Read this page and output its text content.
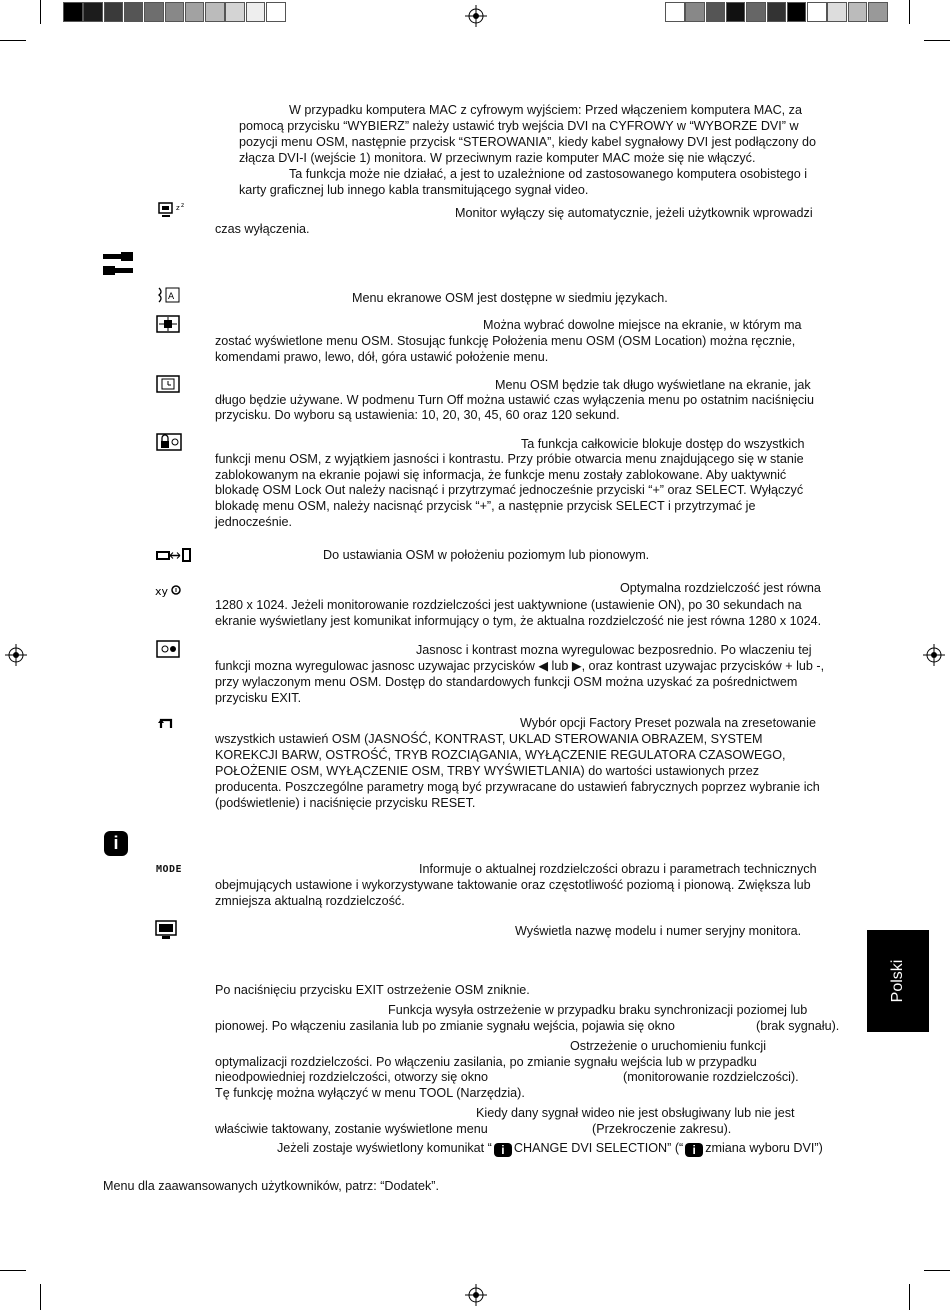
Polski
W przypadku komputera MAC z cyfrowym wyjściem: Przed włączeniem komputera MAC, za
pomocą przycisku “WYBIERZ” należy ustawić tryb wejścia DVI na CYFROWY w “WYBORZE DVI” w
pozycji menu OSM, następnie przycisk “STEROWANIA”, kiedy kabel sygnałowy DVI jest podłączony do
złącza DVI-I (wejście 1) monitora. W przeciwnym razie komputer MAC może się nie włączyć.
Ta funkcja może nie działać, a jest to uzależnione od zastosowanego komputera osobistego i
karty graficznej lub innego kabla transmitującego sygnał video.
z z
Monitor wyłączy się automatycznie, jeżeli użytkownik wprowadzi
czas wyłączenia.
A	Menu ekranowe OSM jest dostępne w siedmiu językach.
Można wybrać dowolne miejsce na ekranie, w którym ma
zostać wyświetlone menu OSM. Stosując funkcję Położenia menu OSM (OSM Location) można ręcznie,
komendami prawo, lewo, dół, góra ustawić położenie menu.
Menu OSM będzie tak długo wyświetlane na ekranie, jak
długo będzie używane. W podmenu Turn Off można ustawić czas wyłączenia menu po ostatnim naciśnięciu
przycisku. Do wyboru są ustawienia: 10, 20, 30, 45, 60 oraz 120 sekund.
Ta funkcja całkowicie blokuje dostęp do wszystkich
funkcji menu OSM, z wyjątkiem jasności i kontrastu. Przy próbie otwarcia menu znajdującego się w stanie
zablokowanym na ekranie pojawi się informacja, że funkcje menu zostały zablokowane. Aby uaktywnić
blokadę OSM Lock Out należy nacisnąć i przytrzymać jednocześnie przyciski “+” oraz SELECT. Wyłączyć
blokadę menu OSM, należy nacisnąć przycisk “+”, a następnie przycisk SELECT i przytrzymać je
jednocześnie.
Do ustawiania OSM w położeniu poziomym lub pionowym.
xy	Optymalna rozdzielczość jest równa
1280 x 1024. Jeżeli monitorowanie rozdzielczości jest uaktywnione (ustawienie ON), po 30 sekundach na
ekranie wyświetlany jest komunikat informujący o tym, że aktualna rozdzielczość nie jest równa 1280 x 1024.
Jasnosc i kontrast mozna wyregulowac bezposrednio. Po wlaczeniu tej
funkcji mozna wyregulowac jasnosc uzywajac przycisków ◀ lub ▶, oraz kontrast uzywajac przycisków + lub -,
przy wylaczonym menu OSM. Dostęp do standardowych funkcji OSM można uzyskać za pośrednictwem
przycisku EXIT.
Wybór opcji Factory Preset pozwala na zresetowanie
wszystkich ustawień OSM (JASNOŚĆ, KONTRAST, UKLAD STEROWANIA OBRAZEM, SYSTEM
KOREKCJI BARW, OSTROŚĆ, TRYB ROZCIĄGANIA, WYŁĄCZENIE REGULATORA CZASOWEGO,
POŁOŻENIE OSM, WYŁĄCZENIE OSM, TRBY WYŚWIETLANIA) do wartości ustawionych przez
producenta. Poszczególne parametry mogą być przywracane do ustawień fabrycznych poprzez wybranie ich
(podświetlenie) i naciśnięcie przycisku RESET.
i
MODE	Informuje o aktualnej rozdzielczości obrazu i parametrach technicznych
obejmujących ustawione i wykorzystywane taktowanie oraz częstotliwość poziomą i pionową. Zwiększa lub
zmniejsza aktualną rozdzielczość.
Wyświetla nazwę modelu i numer seryjny monitora.
Po naciśnięciu przycisku EXIT ostrzeżenie OSM zniknie.
Funkcja wysyła ostrzeżenie w przypadku braku synchronizacji poziomej lub
pionowej. Po włączeniu zasilania lub po zmianie sygnału wejścia, pojawia się okno	(brak sygnału).
Ostrzeżenie o uruchomieniu funkcji
optymalizacji rozdzielczości. Po włączeniu zasilania, po zmianie sygnału wejścia lub w przypadku
nieodpowiedniej rozdzielczości, otworzy się okno	(monitorowanie rozdzielczości).
Tę funkcję można wyłączyć w menu TOOL (Narzędzia).
Kiedy dany sygnał wideo nie jest obsługiwany lub nie jest
właściwie taktowany, zostanie wyświetlone menu	(Przekroczenie zakresu).
Jeżeli zostaje wyświetlony komunikat “ i CHANGE DVI SELECTION” (“ i zmiana wyboru DVI”)
Menu dla zaawansowanych użytkowników, patrz: “Dodatek”.
